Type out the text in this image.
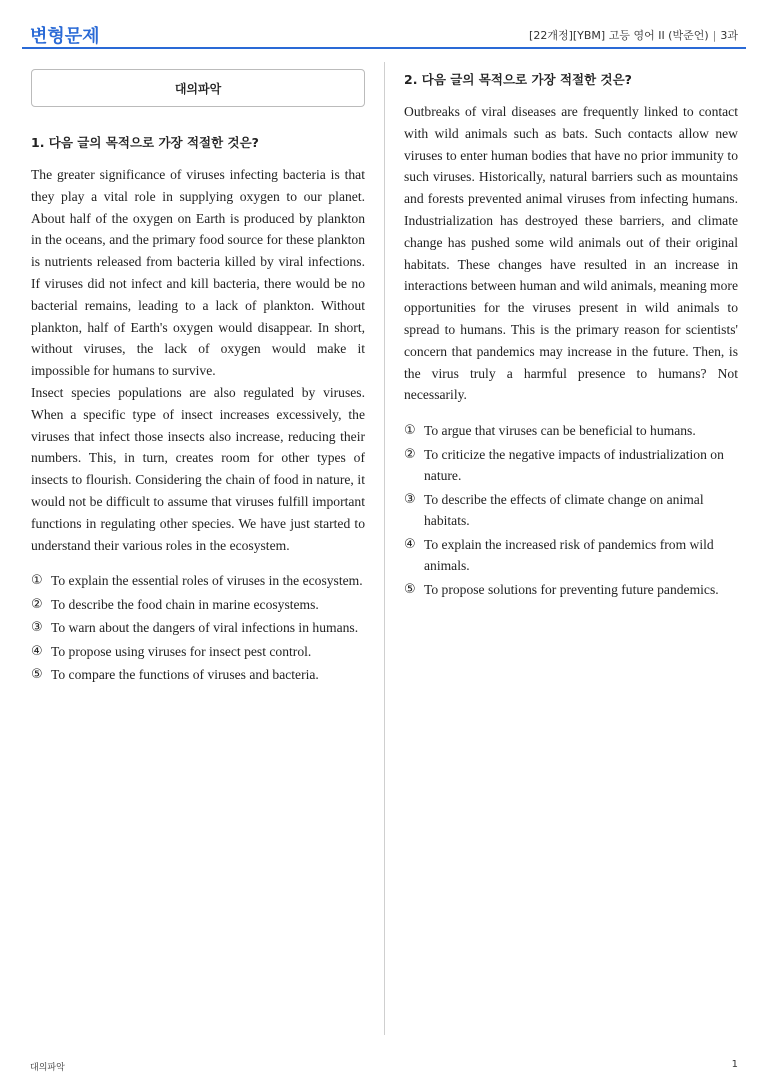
변형문제	[22개정][YBM] 고등 영어 II (박준언) | 3과
대의파악
1. 다음 글의 목적으로 가장 적절한 것은?

The greater significance of viruses infecting bacteria is that they play a vital role in supplying oxygen to our planet. About half of the oxygen on Earth is produced by plankton in the oceans, and the primary food source for these plankton is nutrients released from bacteria killed by viral infections. If viruses did not infect and kill bacteria, there would be no bacterial remains, leading to a lack of plankton. Without plankton, half of Earth's oxygen would disappear. In short, without viruses, the lack of oxygen would make it impossible for humans to survive.

Insect species populations are also regulated by viruses. When a specific type of insect increases excessively, the viruses that infect those insects also increase, reducing their numbers. This, in turn, creates room for other types of insects to flourish. Considering the chain of food in nature, it would not be difficult to assume that viruses fulfill important functions in regulating other species. We have just started to understand their various roles in the ecosystem.

① To explain the essential roles of viruses in the ecosystem.
② To describe the food chain in marine ecosystems.
③ To warn about the dangers of viral infections in humans.
④ To propose using viruses for insect pest control.
⑤ To compare the functions of viruses and bacteria.
2. 다음 글의 목적으로 가장 적절한 것은?

Outbreaks of viral diseases are frequently linked to contact with wild animals such as bats. Such contacts allow new viruses to enter human bodies that have no prior immunity to such viruses. Historically, natural barriers such as mountains and forests prevented animal viruses from infecting humans. Industrialization has destroyed these barriers, and climate change has pushed some wild animals out of their original habitats. These changes have resulted in an increase in interactions between human and wild animals, meaning more opportunities for the viruses present in wild animals to spread to humans. This is the primary reason for scientists' concern that pandemics may increase in the future. Then, is the virus truly a harmful presence to humans? Not necessarily.

① To argue that viruses can be beneficial to humans.
② To criticize the negative impacts of industrialization on nature.
③ To describe the effects of climate change on animal habitats.
④ To explain the increased risk of pandemics from wild animals.
⑤ To propose solutions for preventing future pandemics.
대의파악	1
